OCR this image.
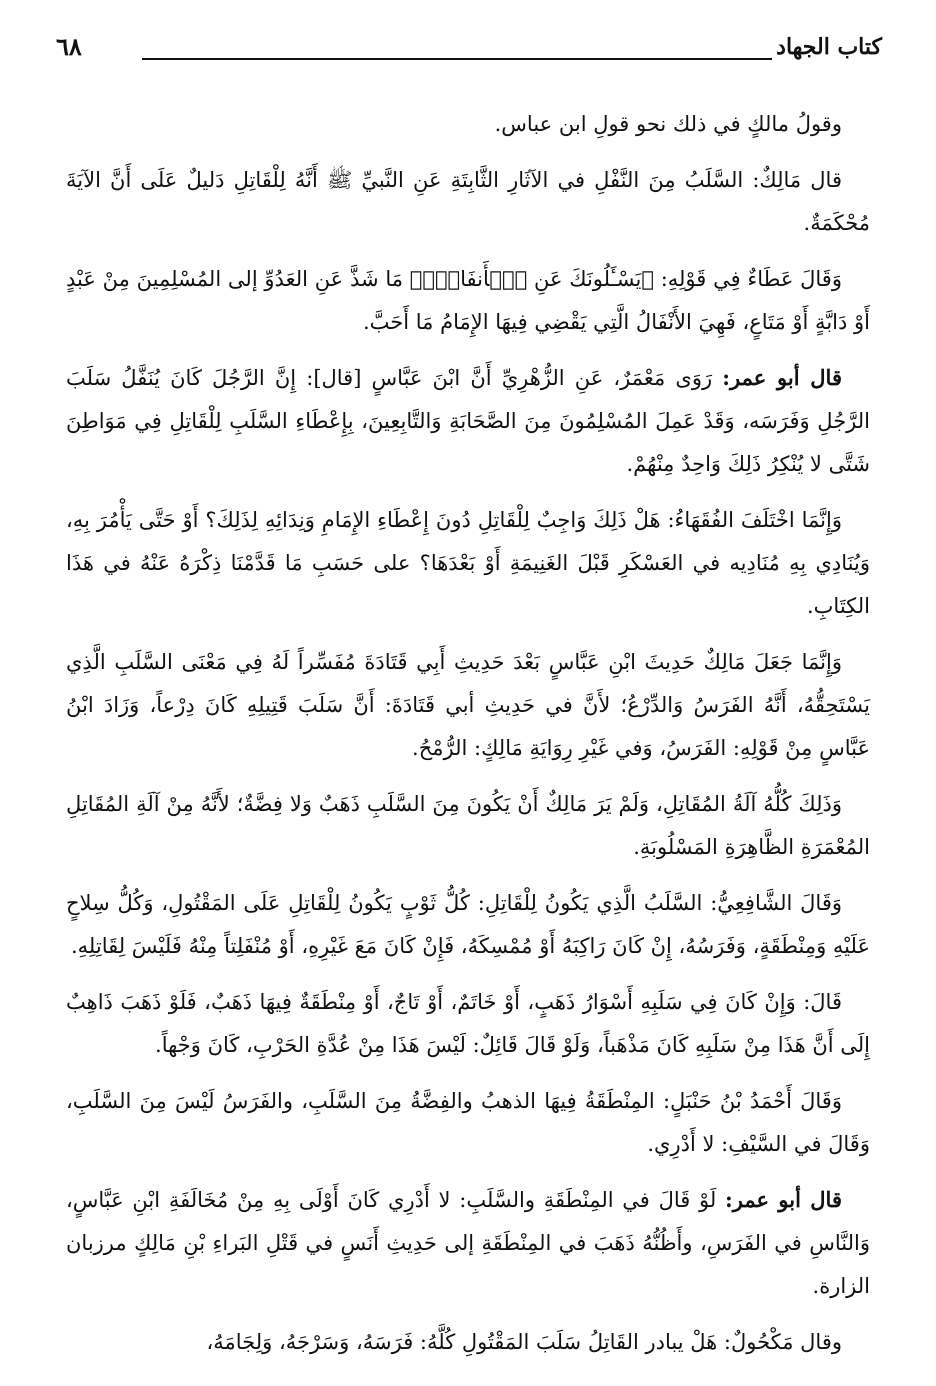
كتاب الجهاد
٦٨

وقولُ مالكٍ في ذلك نحو قولِ ابن عباس.

قال مَالِكٌ: السَّلَبُ مِنَ النَّفْلِ في الآثَارِ الثَّابِتَةِ عَنِ النَّبيِّ ﷺ أَنَّهُ لِلْقَاتِلِ دَليلٌ عَلَى أَنَّ الآيَةَ مُحْكَمَةٌ.

وَقَالَ عَطَاءٌ فِي قَوْلِهِ: ﴿يَسْـَٔلُونَكَ عَنِ ٱلۡأَنفَالِۖ﴾ مَا شَذَّ عَنِ العَدُوِّ إلى المُسْلِمِينَ مِنْ عَبْدٍ أَوْ دَابَّةٍ أَوْ مَتَاعٍ، فَهِيَ الأَنْفَالُ الَّتِي يَقْضِي فِيهَا الإِمَامُ مَا أَحَبَّ.

قال أبو عمر: رَوَى مَعْمَرٌ، عَنِ الزُّهْرِيِّ أَنَّ ابْنَ عَبَّاسٍ [قال]: إِنَّ الرَّجُلَ كَانَ يُنَفَّلُ سَلَبَ الرَّجُلِ وَفَرَسَه، وَقَدْ عَمِلَ المُسْلِمُونَ مِنَ الصَّحَابَةِ وَالتَّابِعِينَ، بِإِعْطَاءِ السَّلَبِ لِلْقَاتِلِ فِي مَوَاطِنَ شَتَّى لا يُنْكِرُ ذَلِكَ وَاحِدٌ مِنْهُمْ.

وَإِنَّمَا اخْتَلَفَ الفُقَهَاءُ: هَلْ ذَلِكَ وَاجِبٌ لِلْقَاتِلِ دُونَ إِعْطَاءِ الإِمَامِ وَنِدَائِهِ لِذَلِكَ؟ أَوْ حَتَّى يَأْمُرَ بِهِ، وَيُنَادِي بِهِ مُنَادِيه في العَسْكَرِ قَبْلَ الغَنِيمَةِ أَوْ بَعْدَهَا؟ على حَسَبِ مَا قَدَّمْنَا ذِكْرَهُ عَنْهُ في هَذَا الكِتَابِ.

وَإِنَّمَا جَعَلَ مَالِكٌ حَدِيثَ ابْنِ عَبَّاسٍ بَعْدَ حَدِيثِ أَبِي قَتَادَةَ مُفَسِّراً لَهُ فِي مَعْنَى السَّلَبِ الَّذِي يَسْتَحِقُّهُ، أَنَّهُ الفَرَسُ وَالدِّرْعُ؛ لأَنَّ في حَدِيثِ أبي قَتَادَةَ: أَنَّ سَلَبَ قَتِيلِهِ كَانَ دِرْعاً، وَزَادَ ابْنُ عَبَّاسٍ مِنْ قَوْلِهِ: الفَرَسُ، وَفي غَيْرِ رِوَايَةِ مَالِكٍ: الرُّمْحُ.

وَذَلِكَ كُلُّهُ آلَةُ المُقَاتِلِ، وَلَمْ يَرَ مَالِكٌ أَنْ يَكُونَ مِنَ السَّلَبِ ذَهَبٌ وَلا فِضَّةٌ؛ لأَنَّهُ مِنْ آلَةِ المُقَاتِلِ المُعْمَرَةِ الظَّاهِرَةِ المَسْلُوبَةِ.

وَقَالَ الشَّافِعِيُّ: السَّلَبُ الَّذِي يَكُونُ لِلْقَاتِلِ: كُلُّ ثَوْبٍ يَكُونُ لِلْقَاتِلِ عَلَى المَقْتُولِ، وَكُلُّ سِلاحٍ عَلَيْهِ وَمِنْطَقَةٍ، وَفَرَسُهُ، إِنْ كَانَ رَاكِبَهُ أَوْ مُمْسِكَهُ، فَإِنْ كَانَ مَعَ غَيْرِهِ، أَوْ مُنْفَلِتاً مِنْهُ فَلَيْسَ لِقَاتِلِهِ.

قَالَ: وَإِنْ كَانَ فِي سَلَبِهِ أَسْوَارُ ذَهَبٍ، أَوْ خَاتَمٌ، أَوْ تَاجٌ، أَوْ مِنْطَقَةٌ فِيهَا ذَهَبٌ، فَلَوْ ذَهَبَ ذَاهِبٌ إِلَى أَنَّ هَذَا مِنْ سَلَبِهِ كَانَ مَذْهَباً، وَلَوْ قَالَ قَائِلٌ: لَيْسَ هَذَا مِنْ عُدَّةِ الحَرْبِ، كَانَ وَجْهاً.

وَقَالَ أَحْمَدُ بْنُ حَنْبَلٍ: المِنْطَقَةُ فِيهَا الذهبُ والفِضَّةُ مِنَ السَّلَبِ، والفَرَسُ لَيْسَ مِنَ السَّلَبِ، وَقَالَ في السَّيْفِ: لا أَدْرِي.

قال أبو عمر: لَوْ قَالَ في المِنْطَقَةِ والسَّلَبِ: لا أَدْرِي كَانَ أَوْلَى بِهِ مِنْ مُخَالَفَةِ ابْنِ عَبَّاسٍ، وَالنَّاسِ في الفَرَسِ، وأَظُنُّهُ ذَهَبَ في المِنْطَقَةِ إلى حَدِيثِ أَنَسٍ في قَتْلِ البَراءِ بْنِ مَالِكٍ مرزبان الزارة.

وقال مَكْحُولٌ: هَلْ يبادر القَاتِلُ سَلَبَ المَقْتُولِ كُلَّهُ: فَرَسَهُ، وَسَرْجَهُ، وَلِجَامَهُ،
